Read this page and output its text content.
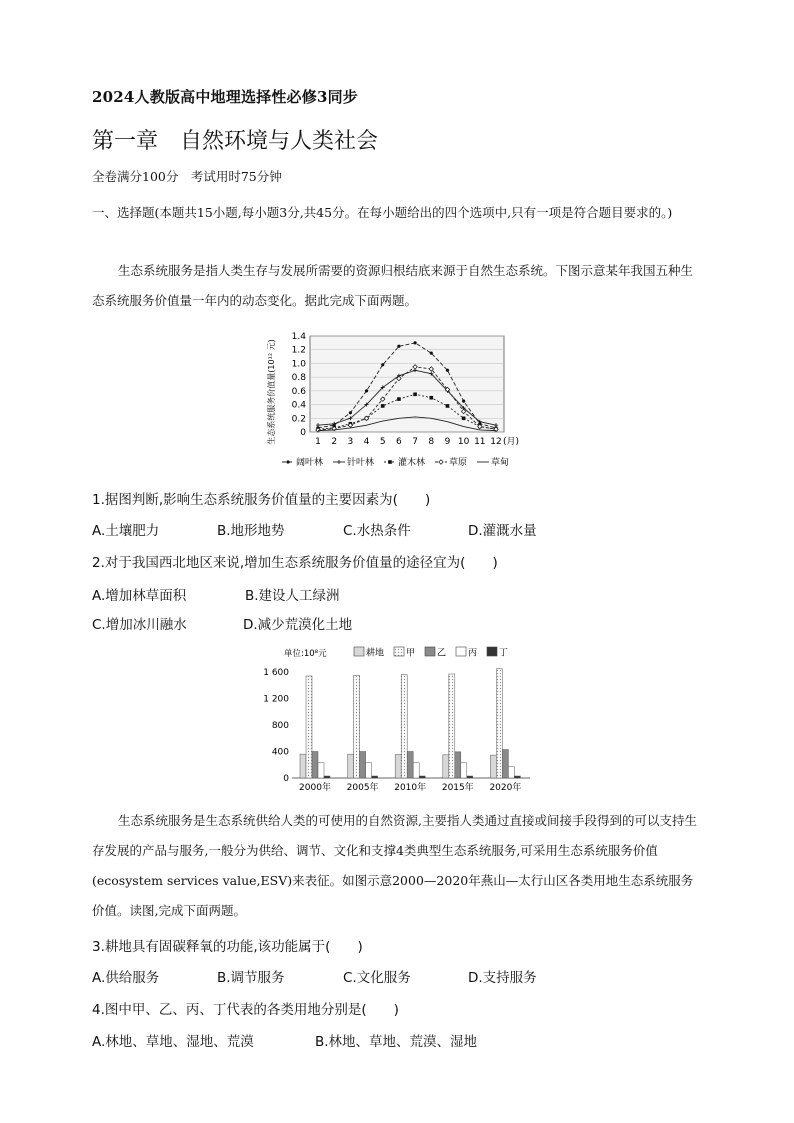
2024人教版高中地理选择性必修3同步
第一章　自然环境与人类社会
全卷满分100分　考试用时75分钟
一、选择题(本题共15小题,每小题3分,共45分。在每小题给出的四个选项中,只有一项是符合题目要求的。)
生态系统服务是指人类生存与发展所需要的资源归根结底来源于自然生态系统。下图示意某年我国五种生态系统服务价值量一年内的动态变化。据此完成下面两题。
生态系统服务价值量(10¹² 元)	0
0.2
0.4
0.6
0.8
1.0
1.2
1.4
1 2 3 4 5 6 7 8 9 10 11 12 (月)
阔叶林	针叶林	灌木林	草原	草甸
1.据图判断,影响生态系统服务价值量的主要因素为(　　)
A.土壤肥力	B.地形地势	C.水热条件	D.灌溉水量
2.对于我国西北地区来说,增加生态系统服务价值量的途径宜为(　　)
A.增加林草面积	B.建设人工绿洲
C.增加冰川融水	D.减少荒漠化土地
单位:10⁸元	耕地 甲 乙 丙 丁
0
400
800
1 200
1 600
2000年 2005年 2010年 2015年 2020年
生态系统服务是生态系统供给人类的可使用的自然资源,主要指人类通过直接或间接手段得到的可以支持生存发展的产品与服务,一般分为供给、调节、文化和支撑4类典型生态系统服务,可采用生态系统服务价值(ecosystem services value,ESV)来表征。如图示意2000—2020年燕山—太行山区各类用地生态系统服务价值。读图,完成下面两题。
3.耕地具有固碳释氧的功能,该功能属于(　　)
A.供给服务	B.调节服务	C.文化服务	D.支持服务
4.图中甲、乙、丙、丁代表的各类用地分别是(　　)
A.林地、草地、湿地、荒漠	B.林地、草地、荒漠、湿地
